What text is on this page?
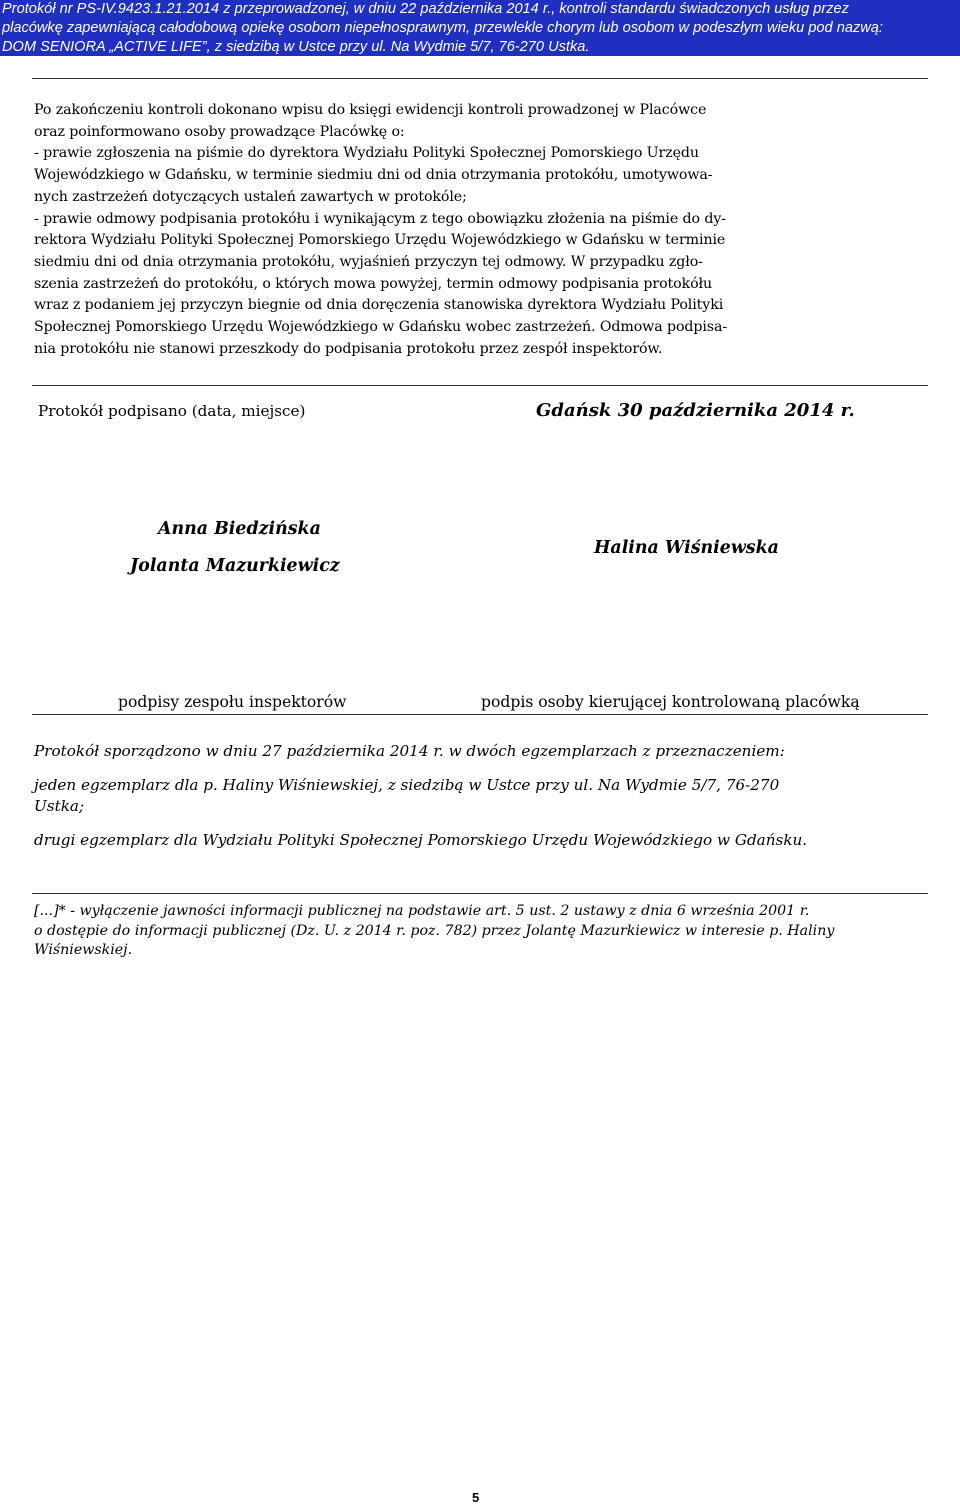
Protokół nr PS-IV.9423.1.21.2014 z przeprowadzonej, w dniu 22 października 2014 r., kontroli standardu świadczonych usług przez
placówkę zapewniającą całodobową opiekę osobom niepełnosprawnym, przewlekle chorym lub osobom w podeszłym wieku pod nazwą:
DOM SENIORA „ACTIVE LIFE”, z siedzibą w Ustce przy ul. Na Wydmie 5/7, 76-270 Ustka.

Po zakończeniu kontroli dokonano wpisu do księgi ewidencji kontroli prowadzonej w Placówce

oraz poinformowano osoby prowadzące Placówkę o:

- prawie zgłoszenia na piśmie do dyrektora Wydziału Polityki Społecznej Pomorskiego Urzędu

Wojewódzkiego w Gdańsku, w terminie siedmiu dni od dnia otrzymania protokółu, umotywowa-

nych zastrzeżeń dotyczących ustaleń zawartych w protokóle;

- prawie odmowy podpisania protokółu i wynikającym z tego obowiązku złożenia na piśmie do dy-

rektora Wydziału Polityki Społecznej Pomorskiego Urzędu Wojewódzkiego w Gdańsku w terminie

siedmiu dni od dnia otrzymania protokółu, wyjaśnień przyczyn tej odmowy. W przypadku zgło-

szenia zastrzeżeń do protokółu, o których mowa powyżej, termin odmowy podpisania protokółu

wraz z podaniem jej przyczyn biegnie od dnia doręczenia stanowiska dyrektora Wydziału Polityki

Społecznej Pomorskiego Urzędu Wojewódzkiego w Gdańsku wobec zastrzeżeń. Odmowa podpisa-

nia protokółu nie stanowi przeszkody do podpisania protokołu przez zespół inspektorów.

Protokół podpisano (data, miejsce)	Gdańsk 30 października 2014 r.
Anna Biedzińska
Jolanta Mazurkiewicz
Halina Wiśniewska
podpisy zespołu inspektorów	podpis osoby kierującej kontrolowaną placówką
Protokół sporządzono w dniu 27 października 2014 r. w dwóch egzemplarzach z przeznaczeniem:
jeden egzemplarz dla p. Haliny Wiśniewskiej, z siedzibą w Ustce przy ul. Na Wydmie 5/7, 76-270
Ustka;
drugi egzemplarz dla Wydziału Polityki Społecznej Pomorskiego Urzędu Wojewódzkiego w Gdańsku.
[...]* - wyłączenie jawności informacji publicznej na podstawie art. 5 ust. 2 ustawy z dnia 6 września 2001 r.
o dostępie do informacji publicznej (Dz. U. z 2014 r. poz. 782) przez Jolantę Mazurkiewicz w interesie p. Haliny
Wiśniewskiej.
5
